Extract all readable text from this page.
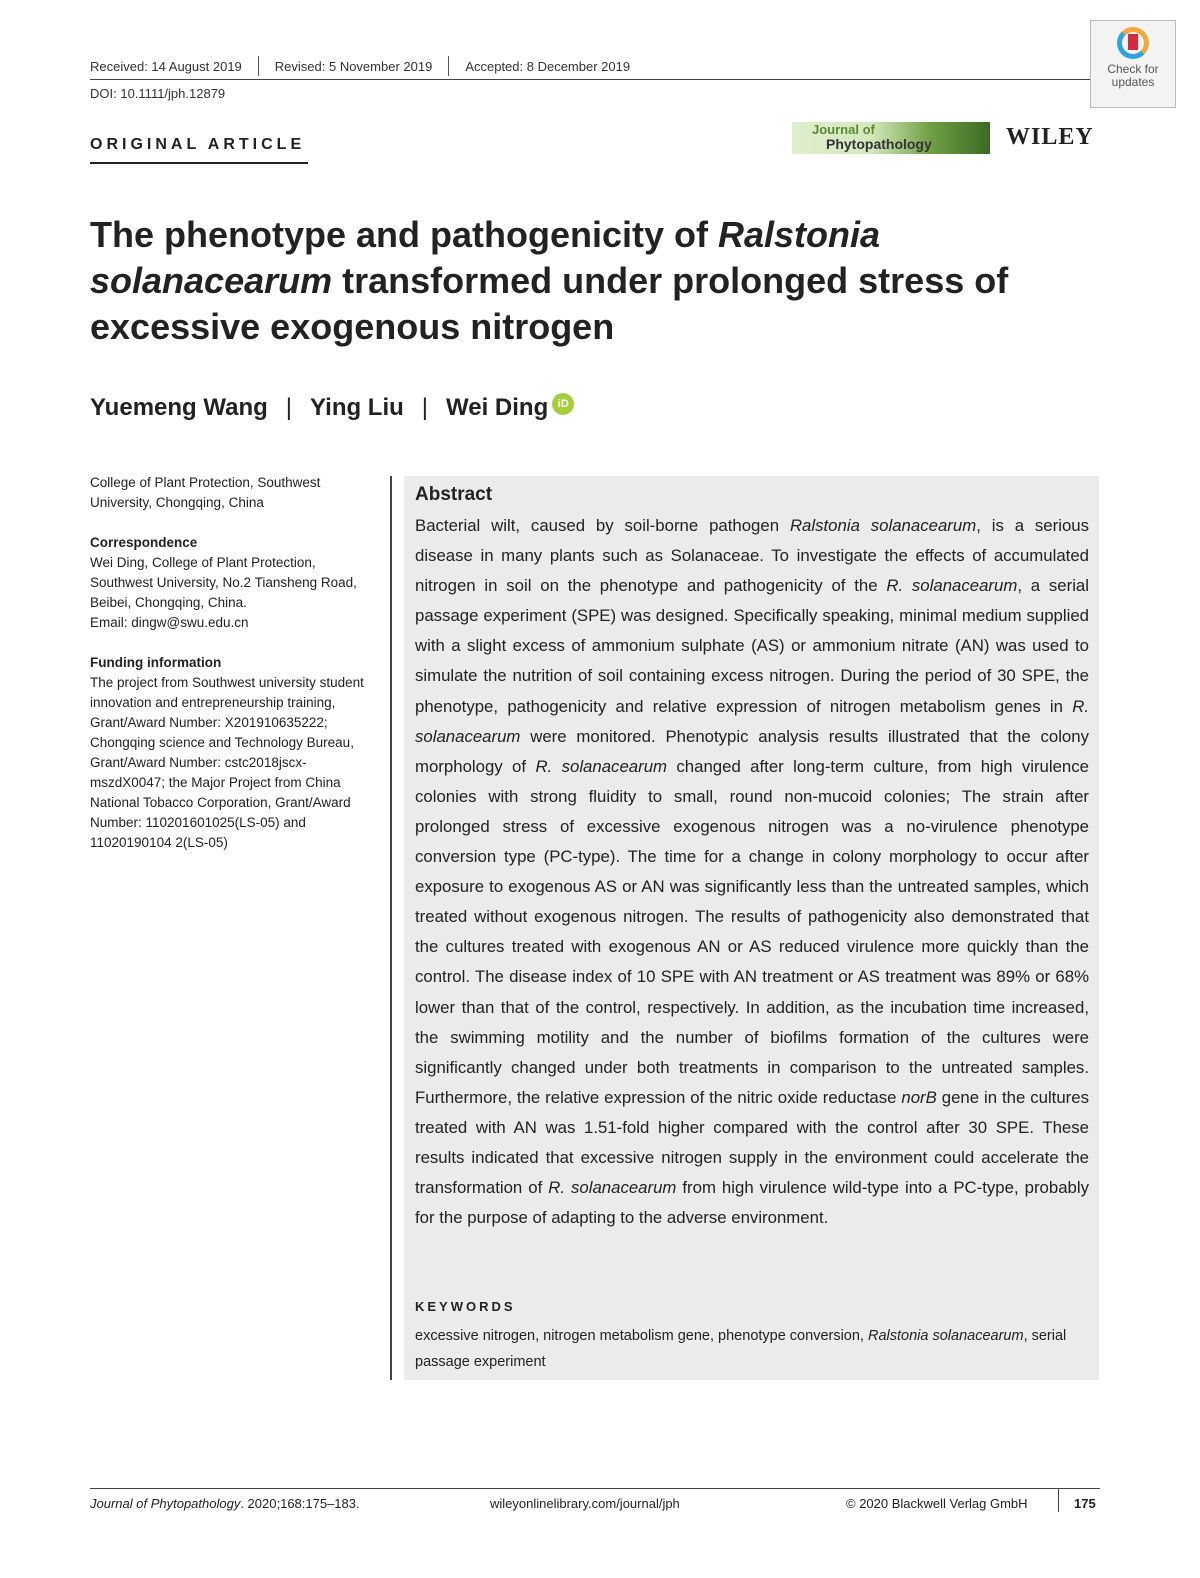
Received: 14 August 2019	Revised: 5 November 2019	Accepted: 8 December 2019
DOI: 10.1111/jph.12879
Check for
updates
ORIGINAL ARTICLE
Journal of
Phytopathology	WILEY
The phenotype and pathogenicity of Ralstonia solanacearum transformed under prolonged stress of excessive exogenous nitrogen
Yuemeng Wang | Ying Liu | Wei Ding iD
College of Plant Protection, Southwest University, Chongqing, China
Correspondence
Wei Ding, College of Plant Protection, Southwest University, No.2 Tiansheng Road, Beibei, Chongqing, China.
Email: dingw@swu.edu.cn
Funding information
The project from Southwest university student innovation and entrepreneurship training, Grant/Award Number: X201910635222; Chongqing science and Technology Bureau, Grant/Award Number: cstc2018jscx-mszdX0047; the Major Project from China National Tobacco Corporation, Grant/Award Number: 110201601025(LS-05) and 11020190104 2(LS-05)
Abstract
Bacterial wilt, caused by soil-borne pathogen Ralstonia solanacearum, is a serious disease in many plants such as Solanaceae. To investigate the effects of accumulated nitrogen in soil on the phenotype and pathogenicity of the R. solanacearum, a serial passage experiment (SPE) was designed. Specifically speaking, minimal medium supplied with a slight excess of ammonium sulphate (AS) or ammonium nitrate (AN) was used to simulate the nutrition of soil containing excess nitrogen. During the period of 30 SPE, the phenotype, pathogenicity and relative expression of nitrogen metabolism genes in R. solanacearum were monitored. Phenotypic analysis results illustrated that the colony morphology of R. solanacearum changed after long-term culture, from high virulence colonies with strong fluidity to small, round non-mucoid colonies; The strain after prolonged stress of excessive exogenous nitrogen was a no-virulence phenotype conversion type (PC-type). The time for a change in colony morphology to occur after exposure to exogenous AS or AN was significantly less than the untreated samples, which treated without exogenous nitrogen. The results of pathogenicity also demonstrated that the cultures treated with exogenous AN or AS reduced virulence more quickly than the control. The disease index of 10 SPE with AN treatment or AS treatment was 89% or 68% lower than that of the control, respectively. In addition, as the incubation time increased, the swimming motility and the number of biofilms formation of the cultures were significantly changed under both treatments in comparison to the untreated samples. Furthermore, the relative expression of the nitric oxide reductase norB gene in the cultures treated with AN was 1.51-fold higher compared with the control after 30 SPE. These results indicated that excessive nitrogen supply in the environment could accelerate the transformation of R. solanacearum from high virulence wild-type into a PC-type, probably for the purpose of adapting to the adverse environment.
KEYWORDS
excessive nitrogen, nitrogen metabolism gene, phenotype conversion, Ralstonia solanacearum, serial passage experiment
Journal of Phytopathology. 2020;168:175–183.	wileyonlinelibrary.com/journal/jph	© 2020 Blackwell Verlag GmbH	175
